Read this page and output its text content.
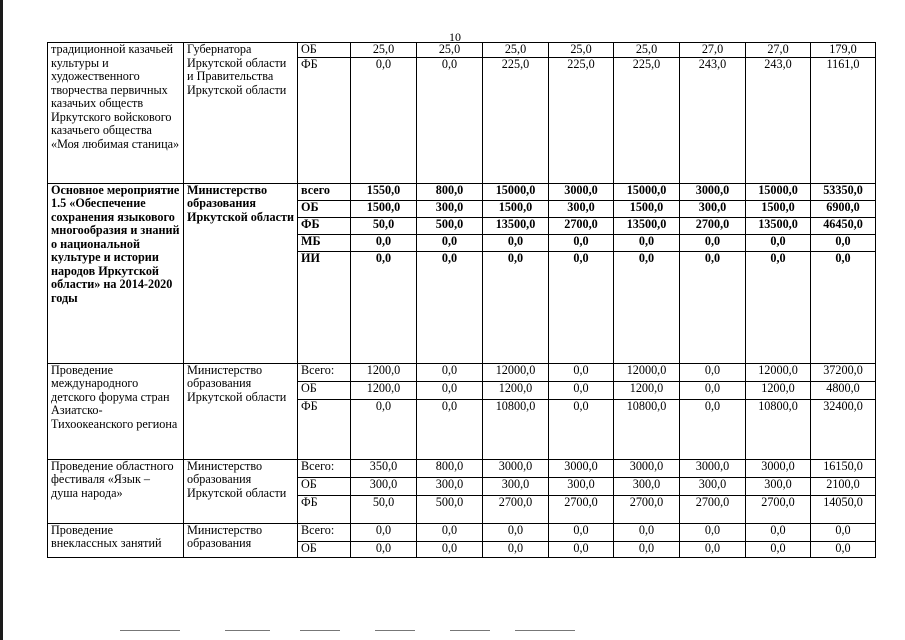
10
традиционной казачьей культуры и художественного творчества первичных казачьих обществ Иркутского войскового казачьего общества «Моя любимая станица»	Губернатора Иркутской области и Правительства Иркутской области	ОБ	25,0	25,0	25,0	25,0	25,0	27,0	27,0	179,0
		ФБ	0,0	0,0	225,0	225,0	225,0	243,0	243,0	1161,0
Основное мероприятие 1.5 «Обеспечение сохранения языкового многообразия и знаний о национальной культуре и истории народов Иркутской области» на 2014-2020 годы	Министерство образования Иркутской области	всего	1550,0	800,0	15000,0	3000,0	15000,0	3000,0	15000,0	53350,0
		ОБ	1500,0	300,0	1500,0	300,0	1500,0	300,0	1500,0	6900,0
		ФБ	50,0	500,0	13500,0	2700,0	13500,0	2700,0	13500,0	46450,0
		МБ	0,0	0,0	0,0	0,0	0,0	0,0	0,0	0,0
		ИИ	0,0	0,0	0,0	0,0	0,0	0,0	0,0	0,0
Проведение международного детского форума стран Азиатско-Тихоокеанского региона	Министерство образования Иркутской области	Всего:	1200,0	0,0	12000,0	0,0	12000,0	0,0	12000,0	37200,0
		ОБ	1200,0	0,0	1200,0	0,0	1200,0	0,0	1200,0	4800,0
		ФБ	0,0	0,0	10800,0	0,0	10800,0	0,0	10800,0	32400,0
Проведение областного фестиваля «Язык – душа народа»	Министерство образования Иркутской области	Всего:	350,0	800,0	3000,0	3000,0	3000,0	3000,0	3000,0	16150,0
		ОБ	300,0	300,0	300,0	300,0	300,0	300,0	300,0	2100,0
		ФБ	50,0	500,0	2700,0	2700,0	2700,0	2700,0	2700,0	14050,0
Проведение внеклассных занятий	Министерство образования	Всего:	0,0	0,0	0,0	0,0	0,0	0,0	0,0	0,0
		ОБ	0,0	0,0	0,0	0,0	0,0	0,0	0,0	0,0
